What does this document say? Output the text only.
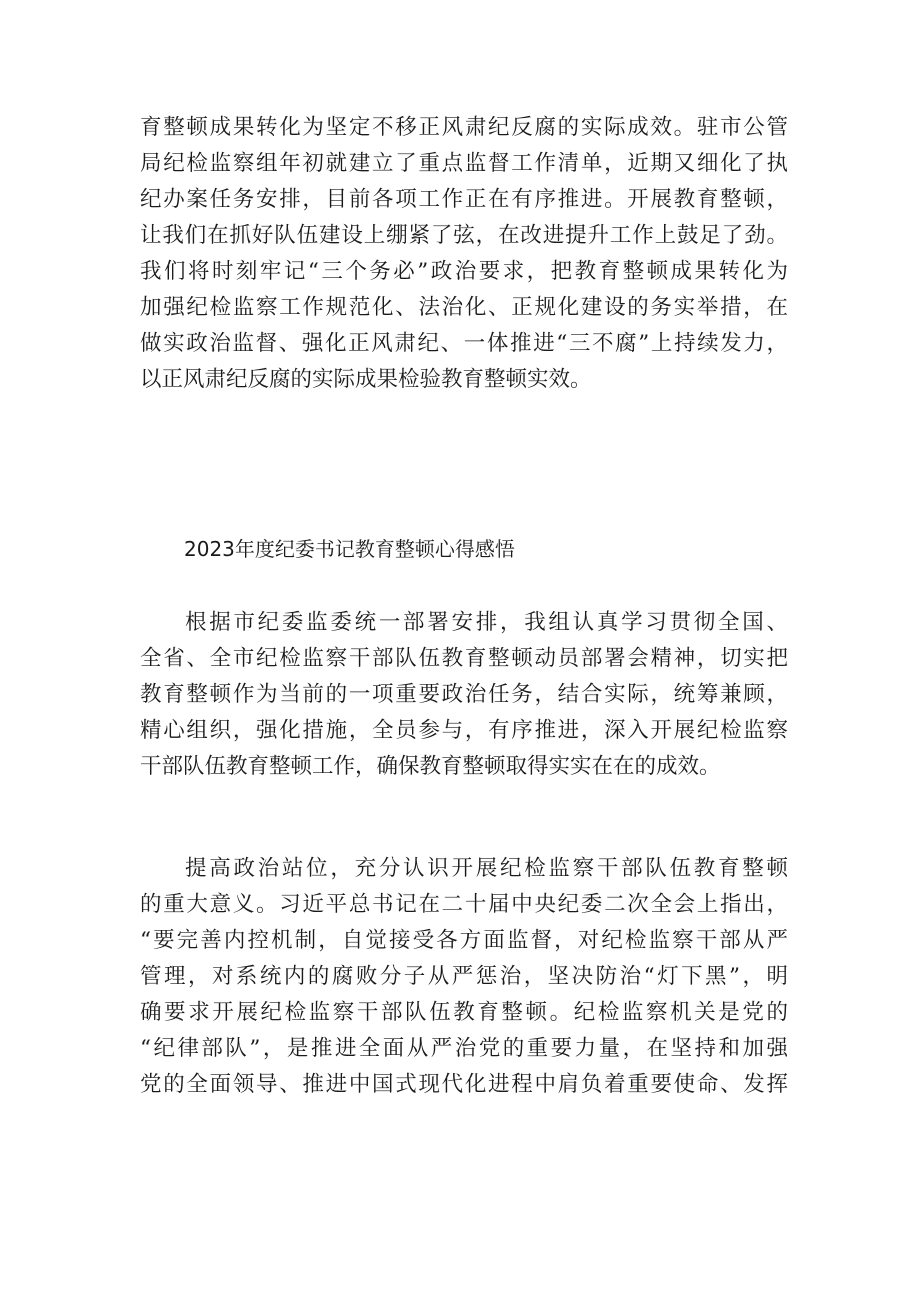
育整顿成果转化为坚定不移正风肃纪反腐的实际成效。驻市公管
局纪检监察组年初就建立了重点监督工作清单，近期又细化了执
纪办案任务安排，目前各项工作正在有序推进。开展教育整顿，
让我们在抓好队伍建设上绷紧了弦，在改进提升工作上鼓足了劲。
我们将时刻牢记“三个务必”政治要求，把教育整顿成果转化为
加强纪检监察工作规范化、法治化、正规化建设的务实举措，在
做实政治监督、强化正风肃纪、一体推进“三不腐”上持续发力，
以正风肃纪反腐的实际成果检验教育整顿实效。
2023年度纪委书记教育整顿心得感悟
根据市纪委监委统一部署安排，我组认真学习贯彻全国、
全省、全市纪检监察干部队伍教育整顿动员部署会精神，切实把
教育整顿作为当前的一项重要政治任务，结合实际，统筹兼顾，
精心组织，强化措施，全员参与，有序推进，深入开展纪检监察
干部队伍教育整顿工作，确保教育整顿取得实实在在的成效。
提高政治站位，充分认识开展纪检监察干部队伍教育整顿
的重大意义。习近平总书记在二十届中央纪委二次全会上指出，
“要完善内控机制，自觉接受各方面监督，对纪检监察干部从严
管理，对系统内的腐败分子从严惩治，坚决防治“灯下黑”，明
确要求开展纪检监察干部队伍教育整顿。纪检监察机关是党的
“纪律部队”，是推进全面从严治党的重要力量，在坚持和加强
党的全面领导、推进中国式现代化进程中肩负着重要使命、发挥
